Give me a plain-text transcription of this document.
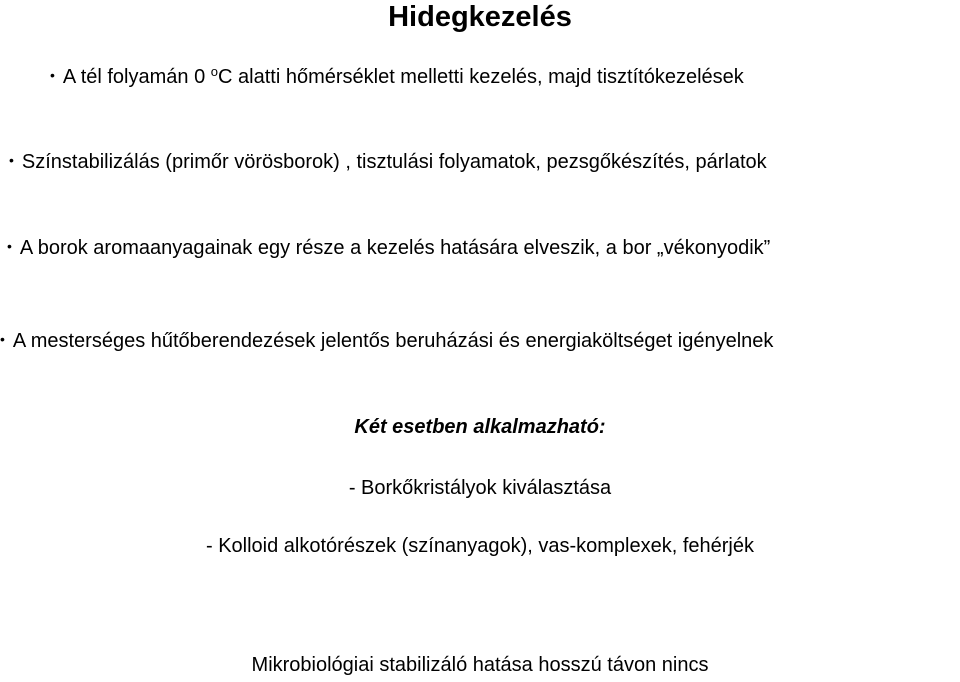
Hidegkezelés
• A tél folyamán 0 $^o$C alatti hőmérséklet melletti kezelés, majd tisztítókezelések
• Színstabilizálás (primőr vörösborok) , tisztulási folyamatok, pezsgőkészítés, párlatok
• A borok aromaanyagainak egy része a kezelés hatására elveszik, a bor „vékonyodik”
• A mesterséges hűtőberendezések jelentős beruházási és energiaköltséget igényelnek
Két esetben alkalmazható:
- Borkőkristályok kiválasztása
- Kolloid alkotórészek (színanyagok), vas-komplexek, fehérjék
Mikrobiológiai stabilizáló hatása hosszú távon nincs
